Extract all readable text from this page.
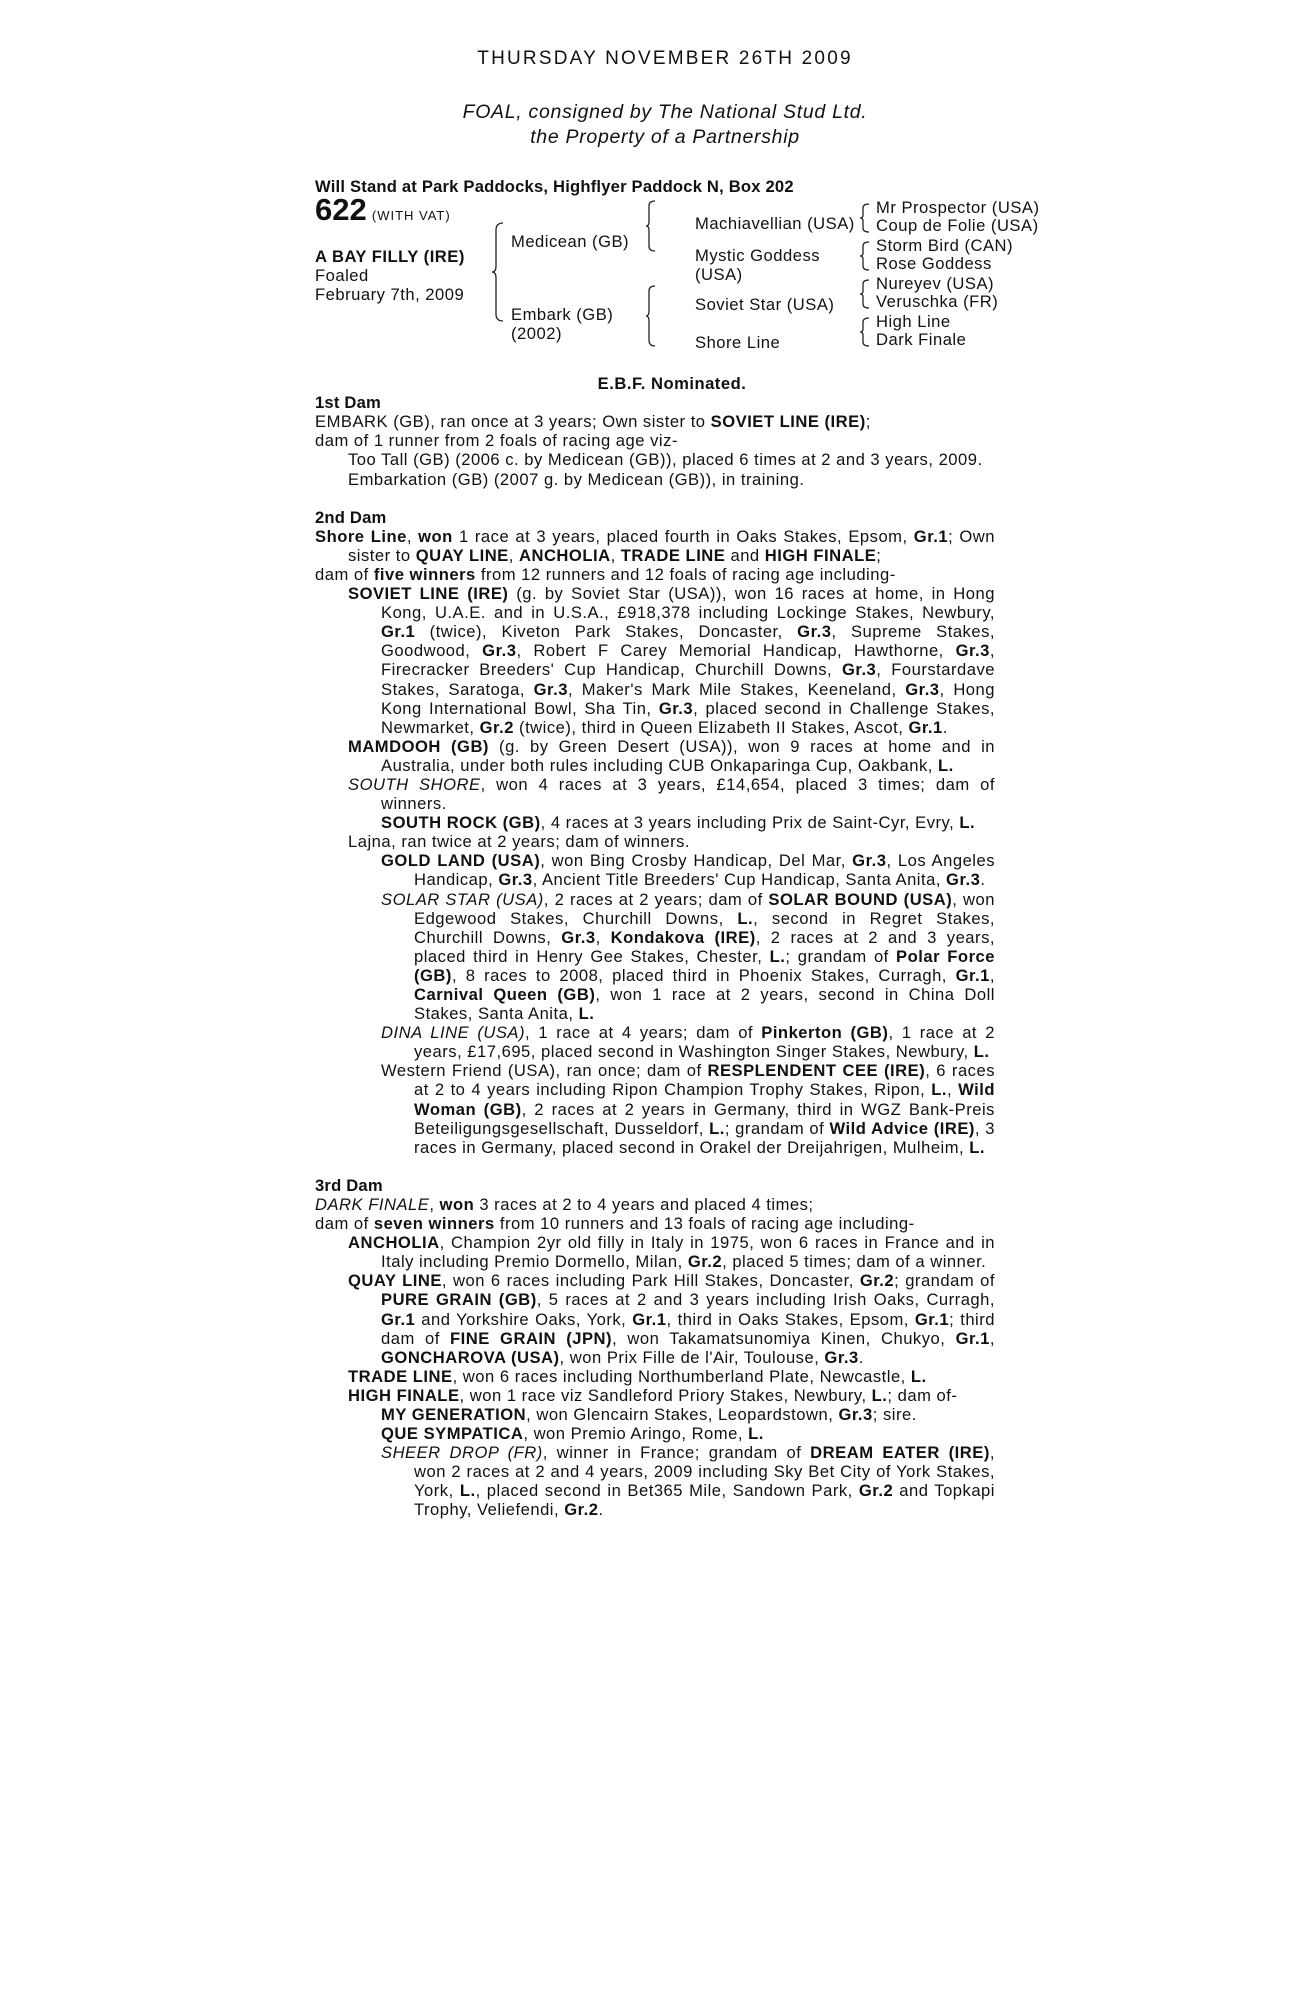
THURSDAY NOVEMBER 26TH 2009
FOAL, consigned by The National Stud Ltd.
the Property of a Partnership
Will Stand at Park Paddocks, Highflyer Paddock N, Box 202
622 (WITH VAT)
A BAY FILLY (IRE)
Foaled
February 7th, 2009
Medicean (GB)
Embark (GB)
(2002)
Machiavellian (USA)
Mystic Goddess
(USA)
Soviet Star (USA)
Shore Line
Mr Prospector (USA)
Coup de Folie (USA)
Storm Bird (CAN)
Rose Goddess
Nureyev (USA)
Veruschka (FR)
High Line
Dark Finale
E.B.F. Nominated.
1st Dam
EMBARK (GB), ran once at 3 years; Own sister to SOVIET LINE (IRE);
dam of 1 runner from 2 foals of racing age viz-
Too Tall (GB) (2006 c. by Medicean (GB)), placed 6 times at 2 and 3 years, 2009.
Embarkation (GB) (2007 g. by Medicean (GB)), in training.
2nd Dam
Shore Line, won 1 race at 3 years, placed fourth in Oaks Stakes, Epsom, Gr.1; Own sister to QUAY LINE, ANCHOLIA, TRADE LINE and HIGH FINALE;
dam of five winners from 12 runners and 12 foals of racing age including-
SOVIET LINE (IRE) (g. by Soviet Star (USA)), won 16 races at home, in Hong Kong, U.A.E. and in U.S.A., £918,378 including Lockinge Stakes, Newbury, Gr.1 (twice), Kiveton Park Stakes, Doncaster, Gr.3, Supreme Stakes, Goodwood, Gr.3, Robert F Carey Memorial Handicap, Hawthorne, Gr.3, Firecracker Breeders' Cup Handicap, Churchill Downs, Gr.3, Fourstardave Stakes, Saratoga, Gr.3, Maker's Mark Mile Stakes, Keeneland, Gr.3, Hong Kong International Bowl, Sha Tin, Gr.3, placed second in Challenge Stakes, Newmarket, Gr.2 (twice), third in Queen Elizabeth II Stakes, Ascot, Gr.1.
MAMDOOH (GB) (g. by Green Desert (USA)), won 9 races at home and in Australia, under both rules including CUB Onkaparinga Cup, Oakbank, L.
SOUTH SHORE, won 4 races at 3 years, £14,654, placed 3 times; dam of winners.
SOUTH ROCK (GB), 4 races at 3 years including Prix de Saint-Cyr, Evry, L.
Lajna, ran twice at 2 years; dam of winners.
GOLD LAND (USA), won Bing Crosby Handicap, Del Mar, Gr.3, Los Angeles Handicap, Gr.3, Ancient Title Breeders' Cup Handicap, Santa Anita, Gr.3.
SOLAR STAR (USA), 2 races at 2 years; dam of SOLAR BOUND (USA), won Edgewood Stakes, Churchill Downs, L., second in Regret Stakes, Churchill Downs, Gr.3, Kondakova (IRE), 2 races at 2 and 3 years, placed third in Henry Gee Stakes, Chester, L.; grandam of Polar Force (GB), 8 races to 2008, placed third in Phoenix Stakes, Curragh, Gr.1, Carnival Queen (GB), won 1 race at 2 years, second in China Doll Stakes, Santa Anita, L.
DINA LINE (USA), 1 race at 4 years; dam of Pinkerton (GB), 1 race at 2 years, £17,695, placed second in Washington Singer Stakes, Newbury, L.
Western Friend (USA), ran once; dam of RESPLENDENT CEE (IRE), 6 races at 2 to 4 years including Ripon Champion Trophy Stakes, Ripon, L., Wild Woman (GB), 2 races at 2 years in Germany, third in WGZ Bank-Preis Beteiligungsgesellschaft, Dusseldorf, L.; grandam of Wild Advice (IRE), 3 races in Germany, placed second in Orakel der Dreijahrigen, Mulheim, L.
3rd Dam
DARK FINALE, won 3 races at 2 to 4 years and placed 4 times;
dam of seven winners from 10 runners and 13 foals of racing age including-
ANCHOLIA, Champion 2yr old filly in Italy in 1975, won 6 races in France and in Italy including Premio Dormello, Milan, Gr.2, placed 5 times; dam of a winner.
QUAY LINE, won 6 races including Park Hill Stakes, Doncaster, Gr.2; grandam of PURE GRAIN (GB), 5 races at 2 and 3 years including Irish Oaks, Curragh, Gr.1 and Yorkshire Oaks, York, Gr.1, third in Oaks Stakes, Epsom, Gr.1; third dam of FINE GRAIN (JPN), won Takamatsunomiya Kinen, Chukyo, Gr.1, GONCHAROVA (USA), won Prix Fille de l'Air, Toulouse, Gr.3.
TRADE LINE, won 6 races including Northumberland Plate, Newcastle, L.
HIGH FINALE, won 1 race viz Sandleford Priory Stakes, Newbury, L.; dam of-
MY GENERATION, won Glencairn Stakes, Leopardstown, Gr.3; sire.
QUE SYMPATICA, won Premio Aringo, Rome, L.
SHEER DROP (FR), winner in France; grandam of DREAM EATER (IRE), won 2 races at 2 and 4 years, 2009 including Sky Bet City of York Stakes, York, L., placed second in Bet365 Mile, Sandown Park, Gr.2 and Topkapi Trophy, Veliefendi, Gr.2.
